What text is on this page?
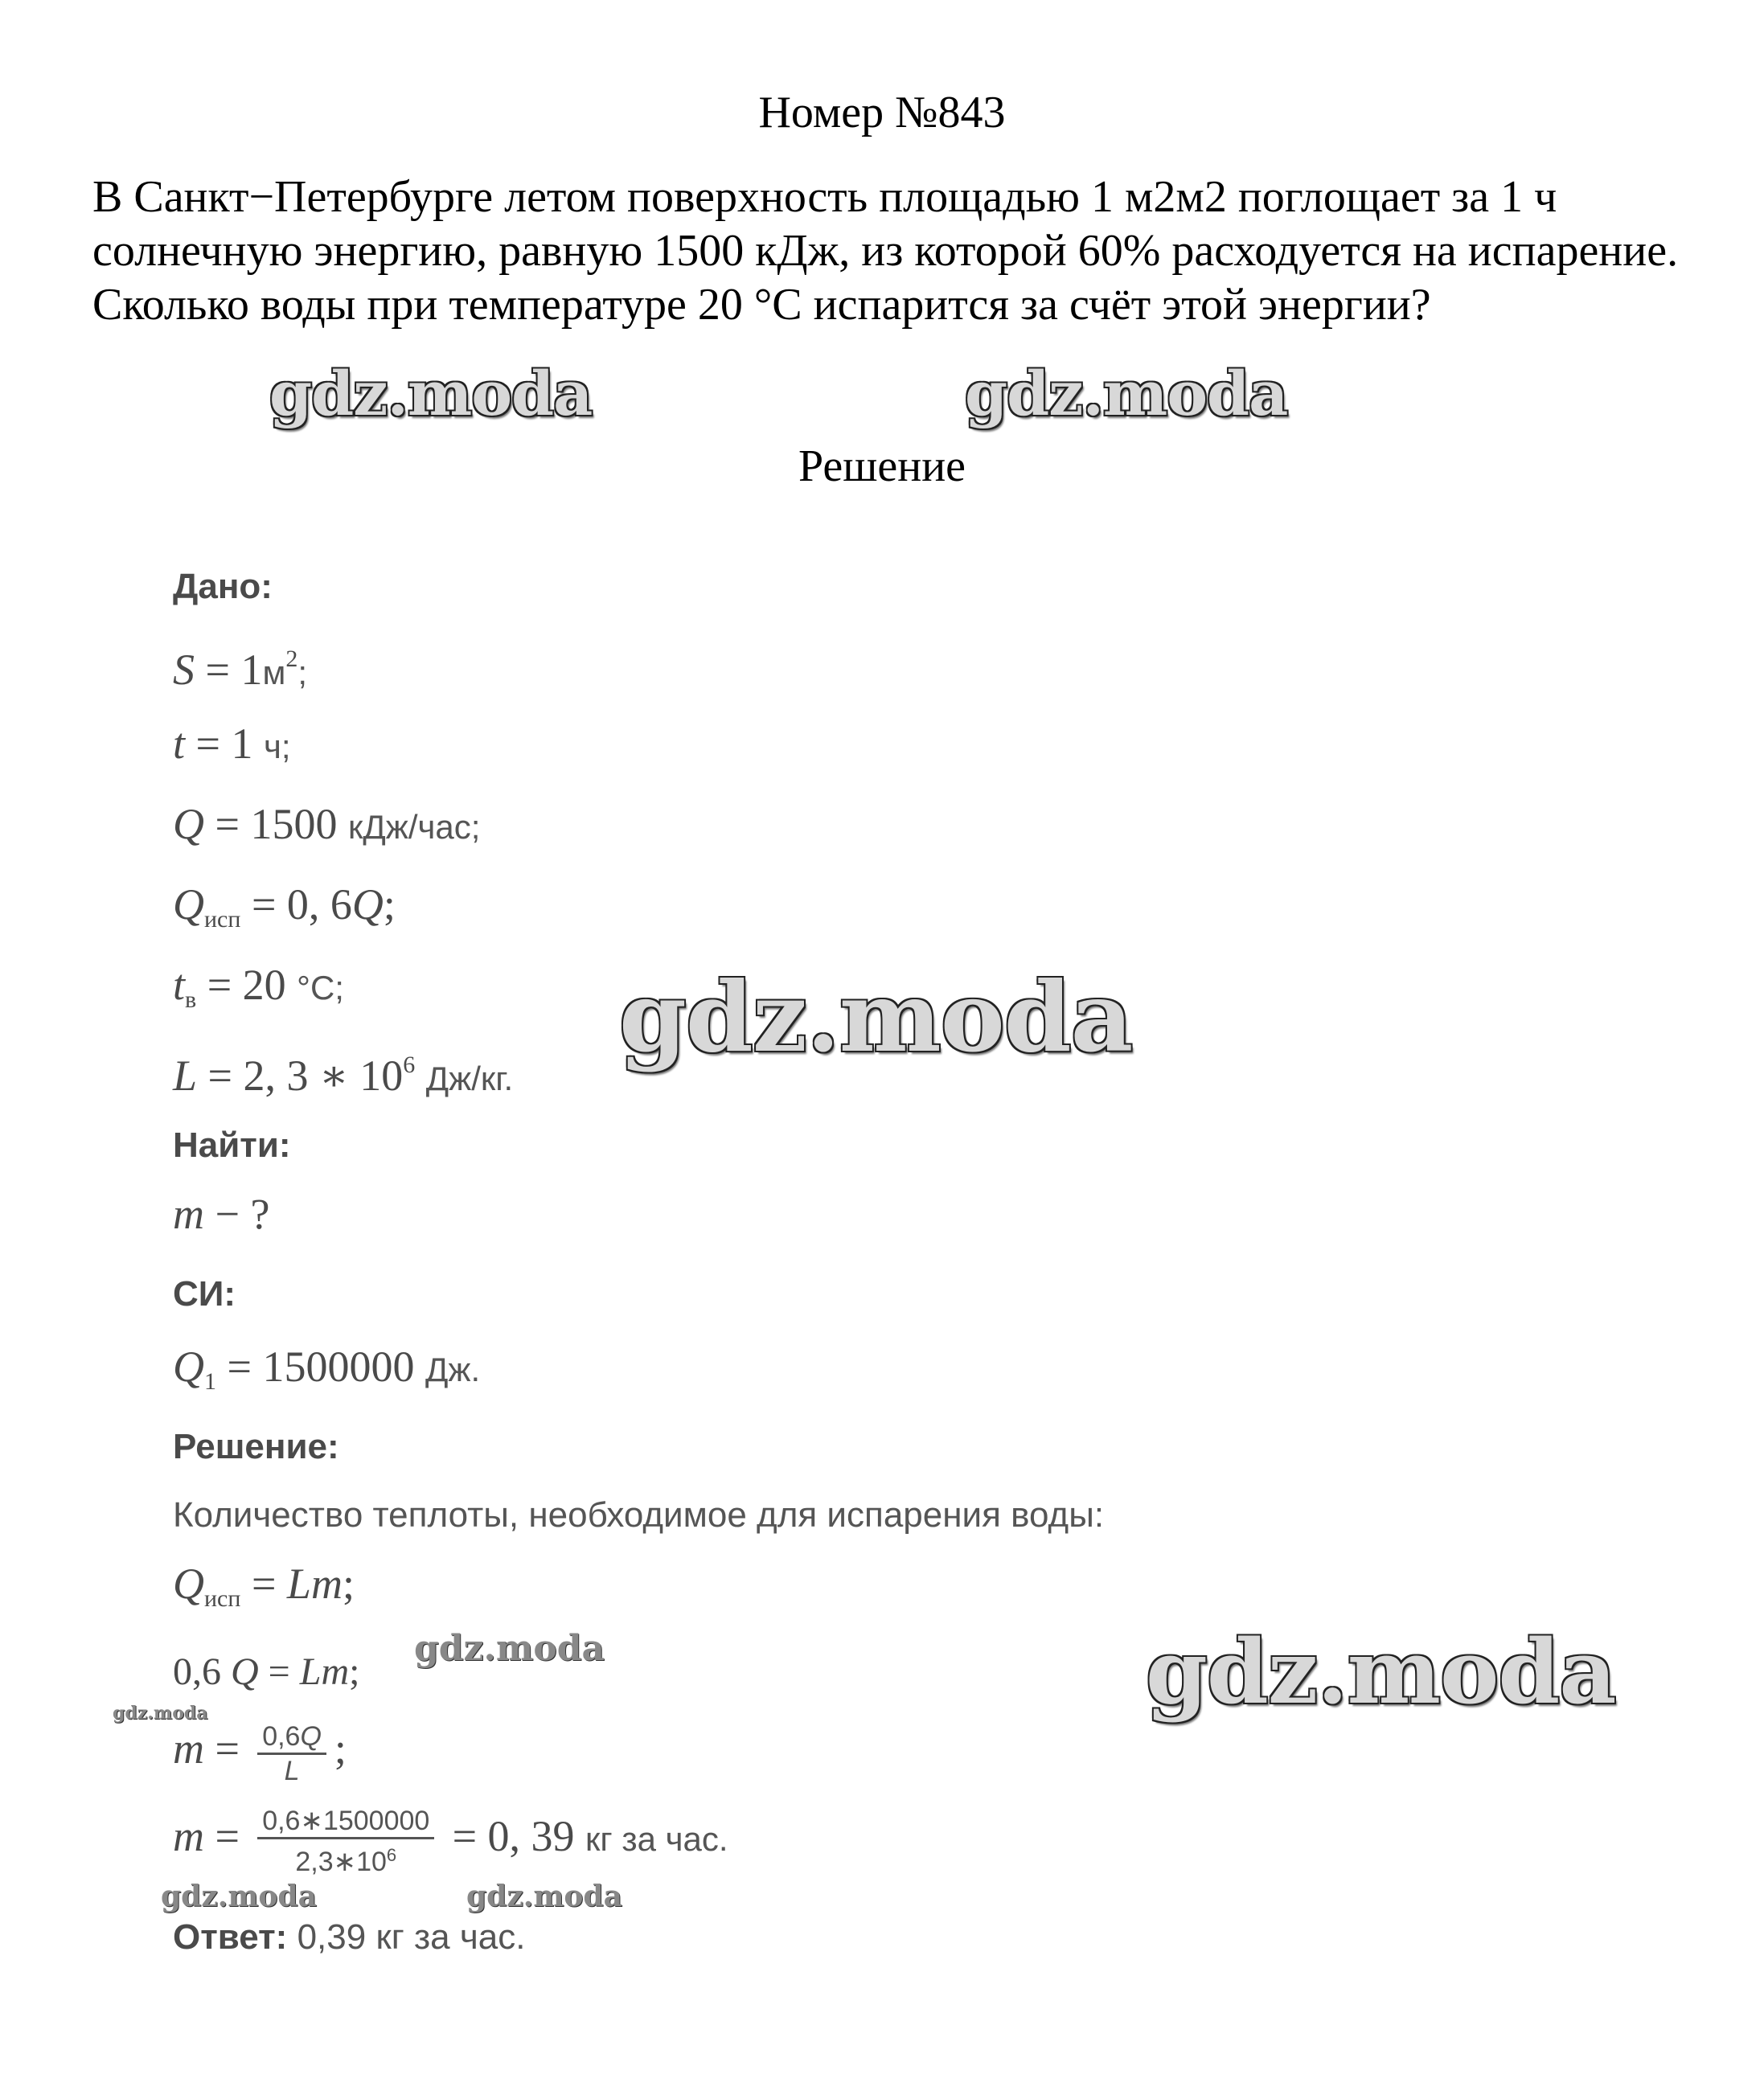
Номер №843
В Санкт−Петербурге летом поверхность площадью 1 м2м2 поглощает за 1 ч солнечную энергию, равную 1500 кДж, из которой 60% расходуется на испарение. Сколько воды при температуре 20 °C испарится за счёт этой энергии?
Решение
Дано:
$S = 1м^2$;
t = 1 ч;
Q = 1500 кДж/час;
$Q_{исп} = 0$, 6Q;
$t_в = 20$ °С;
L = 2, 3 ∗ $10^6$ Дж/кг.
Найти:
m − ?
СИ:
$Q_1 = 1500000$ Дж.
Решение:
Количество теплоты, необходимое для испарения воды:
$Q_{исп} = Lm$;
0,6 Q = Lm;
$m = \frac{0,6Q}{L}$ ;
$m = \frac{0,6∗1500000}{2,3∗10^6} = 0$, 39 кг за час.
Ответ: 0,39 кг за час.
gdz.moda	gdz.moda
gdz.moda
gdz.moda
gdz.moda
gdz.moda
gdz.moda	gdz.moda
